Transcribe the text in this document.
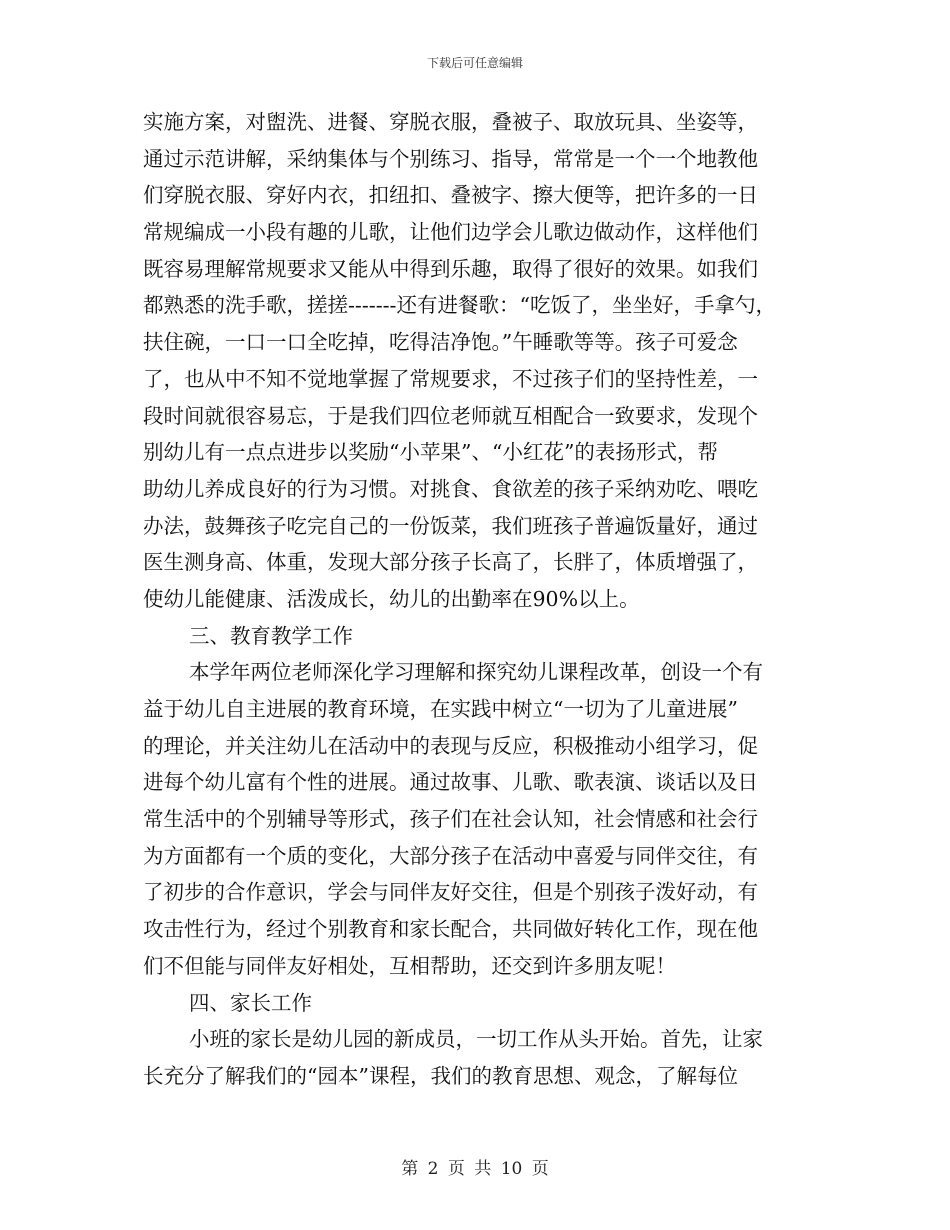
下载后可任意编辑
实施方案，对盥洗、进餐、穿脱衣服，叠被子、取放玩具、坐姿等，
通过示范讲解，采纳集体与个别练习、指导，常常是一个一个地教他
们穿脱衣服、穿好内衣，扣纽扣、叠被字、擦大便等，把许多的一日
常规编成一小段有趣的儿歌，让他们边学会儿歌边做动作，这样他们
既容易理解常规要求又能从中得到乐趣，取得了很好的效果。如我们
都熟悉的洗手歌，搓搓-------还有进餐歌：“吃饭了，坐坐好，手拿勺，
扶住碗，一口一口全吃掉，吃得洁净饱。”午睡歌等等。孩子可爱念
了，也从中不知不觉地掌握了常规要求，不过孩子们的坚持性差，一
段时间就很容易忘，于是我们四位老师就互相配合一致要求，发现个
别幼儿有一点点进步以奖励“小苹果”、“小红花”的表扬形式，帮
助幼儿养成良好的行为习惯。对挑食、食欲差的孩子采纳劝吃、喂吃
办法，鼓舞孩子吃完自己的一份饭菜，我们班孩子普遍饭量好，通过
医生测身高、体重，发现大部分孩子长高了，长胖了，体质增强了，
使幼儿能健康、活泼成长，幼儿的出勤率在90%以上。
三、教育教学工作
本学年两位老师深化学习理解和探究幼儿课程改革，创设一个有
益于幼儿自主进展的教育环境，在实践中树立“一切为了儿童进展”
的理论，并关注幼儿在活动中的表现与反应，积极推动小组学习，促
进每个幼儿富有个性的进展。通过故事、儿歌、歌表演、谈话以及日
常生活中的个别辅导等形式，孩子们在社会认知，社会情感和社会行
为方面都有一个质的变化，大部分孩子在活动中喜爱与同伴交往，有
了初步的合作意识，学会与同伴友好交往，但是个别孩子泼好动，有
攻击性行为，经过个别教育和家长配合，共同做好转化工作，现在他
们不但能与同伴友好相处，互相帮助，还交到许多朋友呢！
四、家长工作
小班的家长是幼儿园的新成员，一切工作从头开始。首先，让家
长充分了解我们的“园本”课程，我们的教育思想、观念，了解每位
第 2 页 共 10 页
